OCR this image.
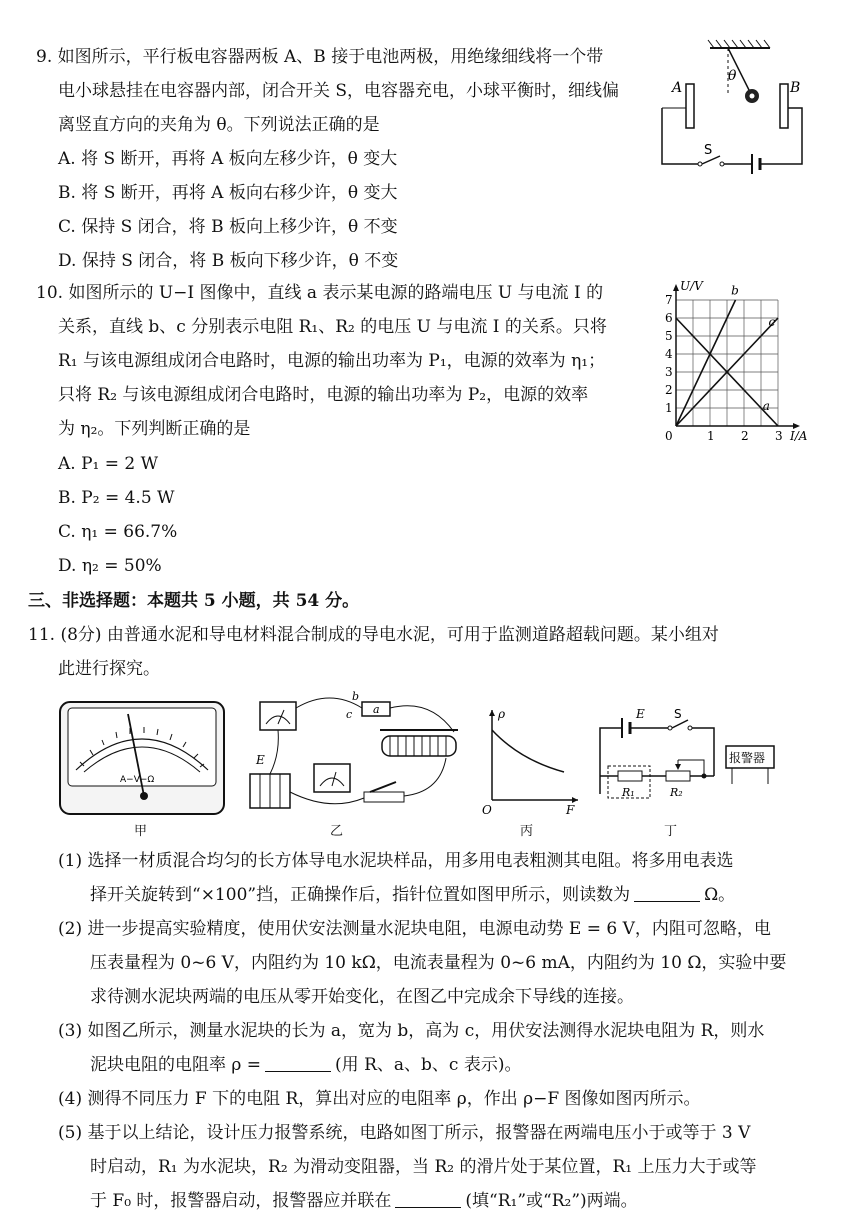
9. 如图所示，平行板电容器两板 A、B 接于电池两极，用绝缘细线将一个带
电小球悬挂在电容器内部，闭合开关 S，电容器充电，小球平衡时，细线偏
离竖直方向的夹角为 θ。下列说法正确的是
A. 将 S 断开，再将 A 板向左移少许，θ 变大
B. 将 S 断开，再将 A 板向右移少许，θ 变大
C. 保持 S 闭合，将 B 板向上移少许，θ 不变
D. 保持 S 闭合，将 B 板向下移少许，θ 不变
θ
A	B
S
10. 如图所示的 U−I 图像中，直线 a 表示某电源的路端电压 U 与电流 I 的
关系，直线 b、c 分别表示电阻 R₁、R₂ 的电压 U 与电流 I 的关系。只将
R₁ 与该电源组成闭合电路时，电源的输出功率为 P₁，电源的效率为 η₁；
只将 R₂ 与该电源组成闭合电路时，电源的输出功率为 P₂，电源的效率
为 η₂。下列判断正确的是
A. P₁ = 2 W
B. P₂ = 4.5 W
C. η₁ = 66.7%
D. η₂ = 50%
1
2
3
4
5
6
7
0	1 2 3 I/A
U/V
a
b
c
三、非选择题：本题共 5 小题，共 54 分。
11. (8分) 由普通水泥和导电材料混合制成的导电水泥，可用于监测道路超载问题。某小组对
此进行探究。
A−V−Ω
甲
a
b
c
E
乙
ρ
F
O
丙
E S
R₁	R₂
报警器
丁
(1) 选择一材质混合均匀的长方体导电水泥块样品，用多用电表粗测其电阻。将多用电表选
择开关旋转到“×100”挡，正确操作后，指针位置如图甲所示，则读数为	Ω。
(2) 进一步提高实验精度，使用伏安法测量水泥块电阻，电源电动势 E = 6 V，内阻可忽略，电
压表量程为 0~6 V，内阻约为 10 kΩ，电流表量程为 0~6 mA，内阻约为 10 Ω，实验中要
求待测水泥块两端的电压从零开始变化，在图乙中完成余下导线的连接。
(3) 如图乙所示，测量水泥块的长为 a，宽为 b，高为 c，用伏安法测得水泥块电阻为 R，则水
泥块电阻的电阻率 ρ =	(用 R、a、b、c 表示)。
(4) 测得不同压力 F 下的电阻 R，算出对应的电阻率 ρ，作出 ρ−F 图像如图丙所示。
(5) 基于以上结论，设计压力报警系统，电路如图丁所示，报警器在两端电压小于或等于 3 V
时启动，R₁ 为水泥块，R₂ 为滑动变阻器，当 R₂ 的滑片处于某位置，R₁ 上压力大于或等
于 F₀ 时，报警器启动，报警器应并联在	(填“R₁”或“R₂”)两端。
